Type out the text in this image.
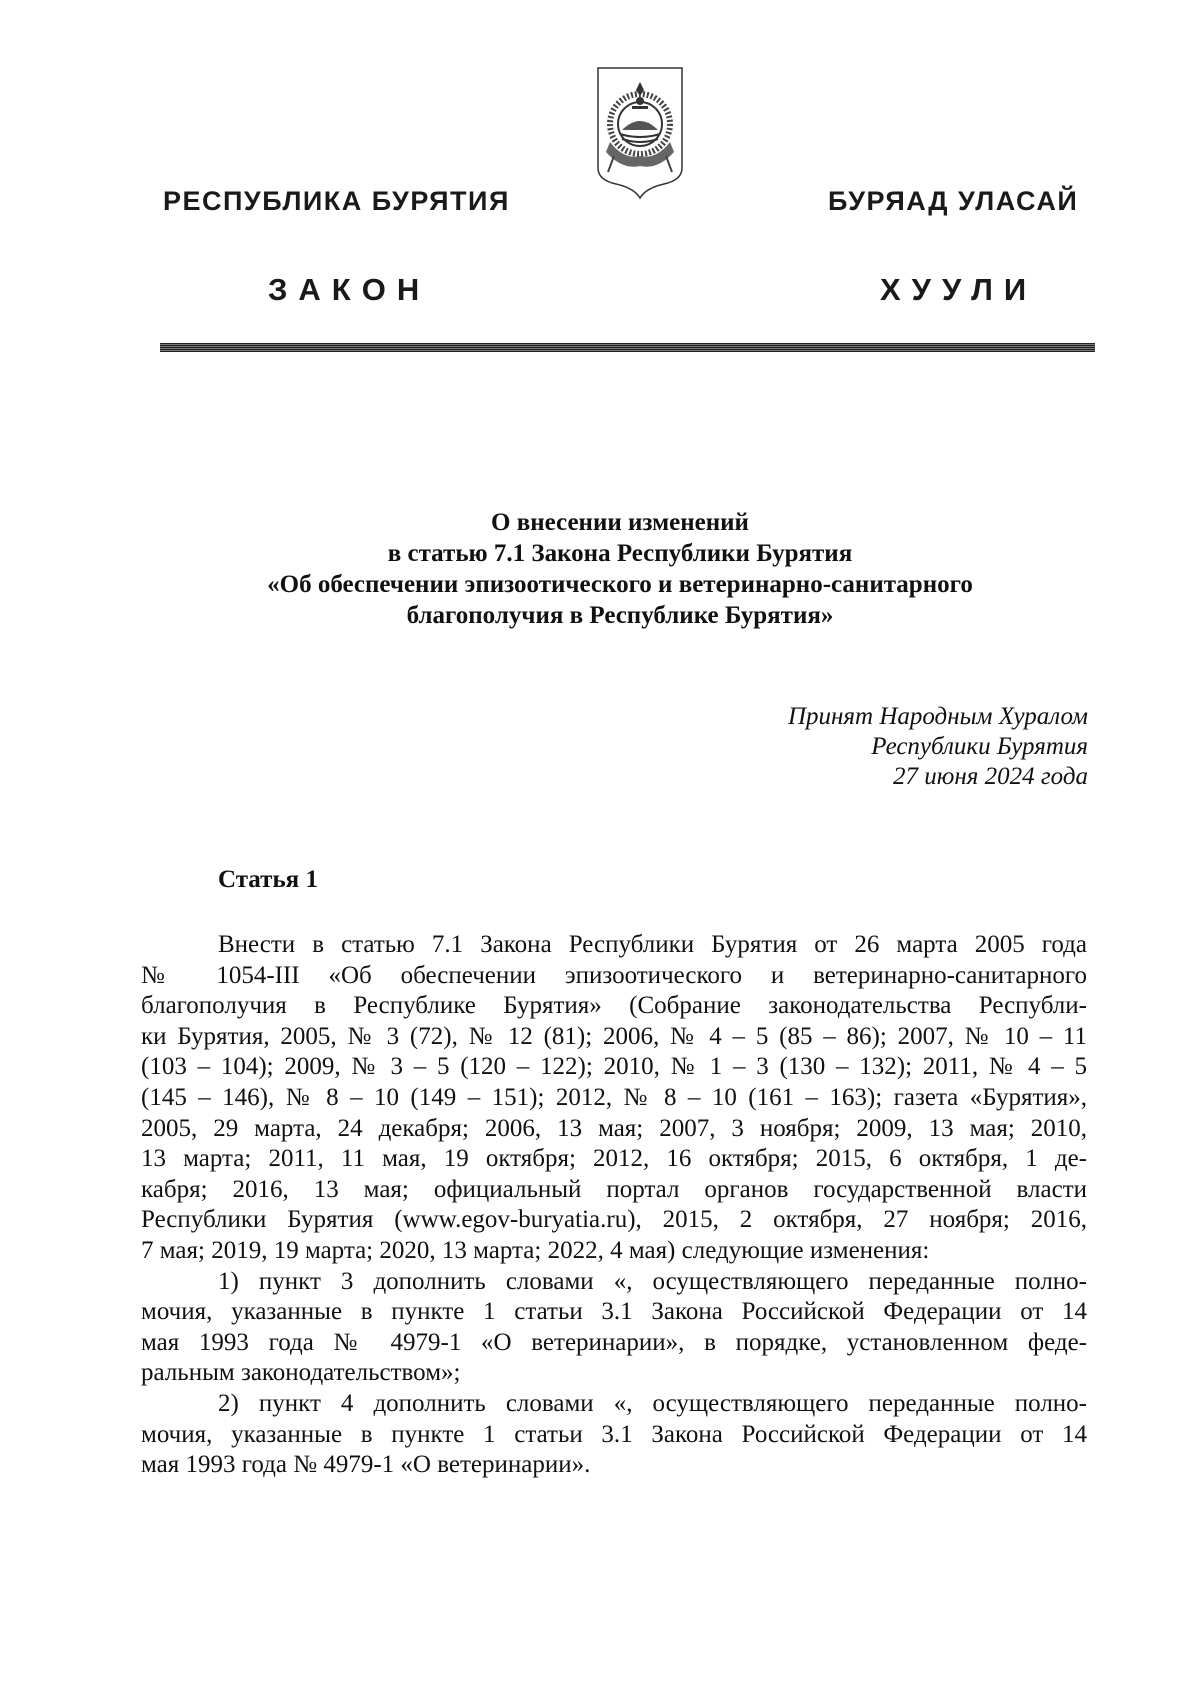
РЕСПУБЛИКА БУРЯТИЯ	БУРЯАД УЛАСАЙ
ЗАКОН	ХУУЛИ
О внесении изменений
в статью 7.1 Закона Республики Бурятия
«Об обеспечении эпизоотического и ветеринарно-санитарного
благополучия в Республике Бурятия»
Принят Народным Хуралом
Республики Бурятия
27 июня 2024 года
Статья 1
Внести в статью 7.1 Закона Республики Бурятия от 26 марта 2005 года
№ 1054-III «Об обеспечении эпизоотического и ветеринарно-санитарного
благополучия в Республике Бурятия» (Собрание законодательства Республи-
ки Бурятия, 2005, № 3 (72), № 12 (81); 2006, № 4 – 5 (85 – 86); 2007, № 10 – 11
(103 – 104); 2009, № 3 – 5 (120 – 122); 2010, № 1 – 3 (130 – 132); 2011, № 4 – 5
(145 – 146), № 8 – 10 (149 – 151); 2012, № 8 – 10 (161 – 163); газета «Бурятия»,
2005, 29 марта, 24 декабря; 2006, 13 мая; 2007, 3 ноября; 2009, 13 мая; 2010,
13 марта; 2011, 11 мая, 19 октября; 2012, 16 октября; 2015, 6 октября, 1 де-
кабря; 2016, 13 мая; официальный портал органов государственной власти
Республики Бурятия (www.egov-buryatia.ru), 2015, 2 октября, 27 ноября; 2016,
7 мая; 2019, 19 марта; 2020, 13 марта; 2022, 4 мая) следующие изменения:
1) пункт 3 дополнить словами «, осуществляющего переданные полно-
мочия, указанные в пункте 1 статьи 3.1 Закона Российской Федерации от 14
мая 1993 года № 4979-1 «О ветеринарии», в порядке, установленном феде-
ральным законодательством»;
2) пункт 4 дополнить словами «, осуществляющего переданные полно-
мочия, указанные в пункте 1 статьи 3.1 Закона Российской Федерации от 14
мая 1993 года № 4979-1 «О ветеринарии».
